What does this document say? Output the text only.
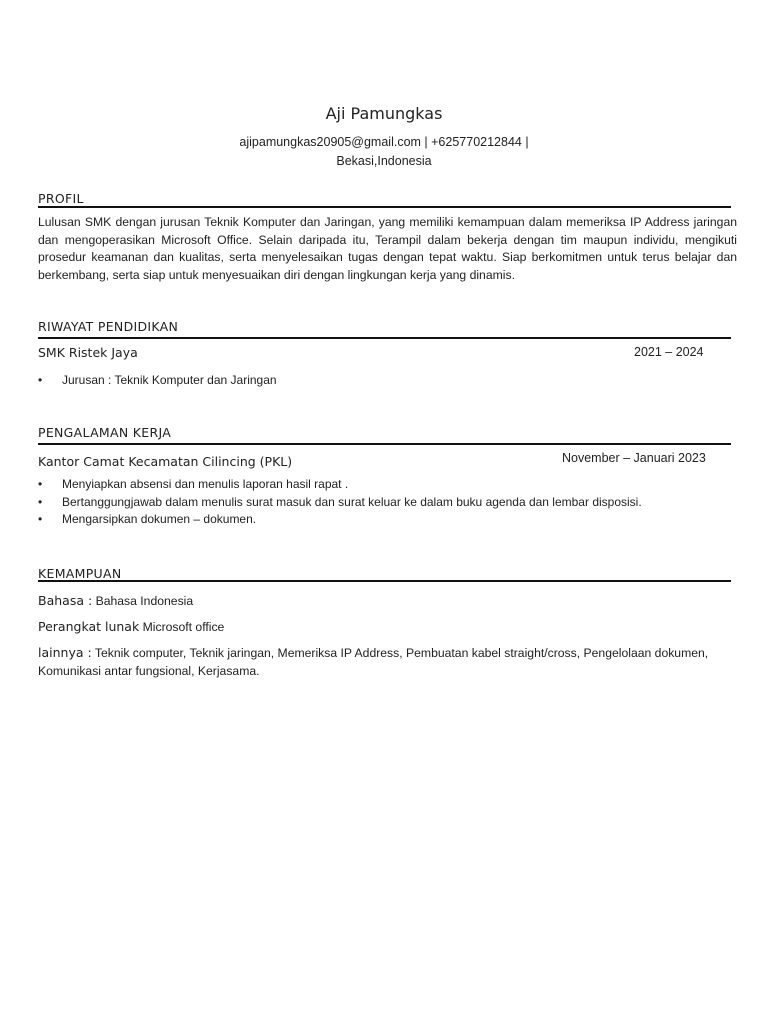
Aji Pamungkas
ajipamungkas20905@gmail.com | +625770212844 |
Bekasi,Indonesia
PROFIL
Lulusan SMK dengan jurusan Teknik Komputer dan Jaringan, yang memiliki kemampuan dalam memeriksa IP Address jaringan dan mengoperasikan Microsoft Office. Selain daripada itu, Terampil dalam bekerja dengan tim maupun individu, mengikuti prosedur keamanan dan kualitas, serta menyelesaikan tugas dengan tepat waktu. Siap berkomitmen untuk terus belajar dan berkembang, serta siap untuk menyesuaikan diri dengan lingkungan kerja yang dinamis.
RIWAYAT PENDIDIKAN
SMK Ristek Jaya	2021 – 2024
• Jurusan : Teknik Komputer dan Jaringan
PENGALAMAN KERJA
Kantor Camat Kecamatan Cilincing (PKL)	November – Januari 2023
• Menyiapkan absensi dan menulis laporan hasil rapat .
• Bertanggungjawab dalam menulis surat masuk dan surat keluar ke dalam buku agenda dan lembar disposisi.
• Mengarsipkan dokumen – dokumen.
KEMAMPUAN
Bahasa : Bahasa Indonesia
Perangkat lunak Microsoft office
lainnya : Teknik computer, Teknik jaringan, Memeriksa IP Address, Pembuatan kabel straight/cross, Pengelolaan dokumen, Komunikasi antar fungsional, Kerjasama.
